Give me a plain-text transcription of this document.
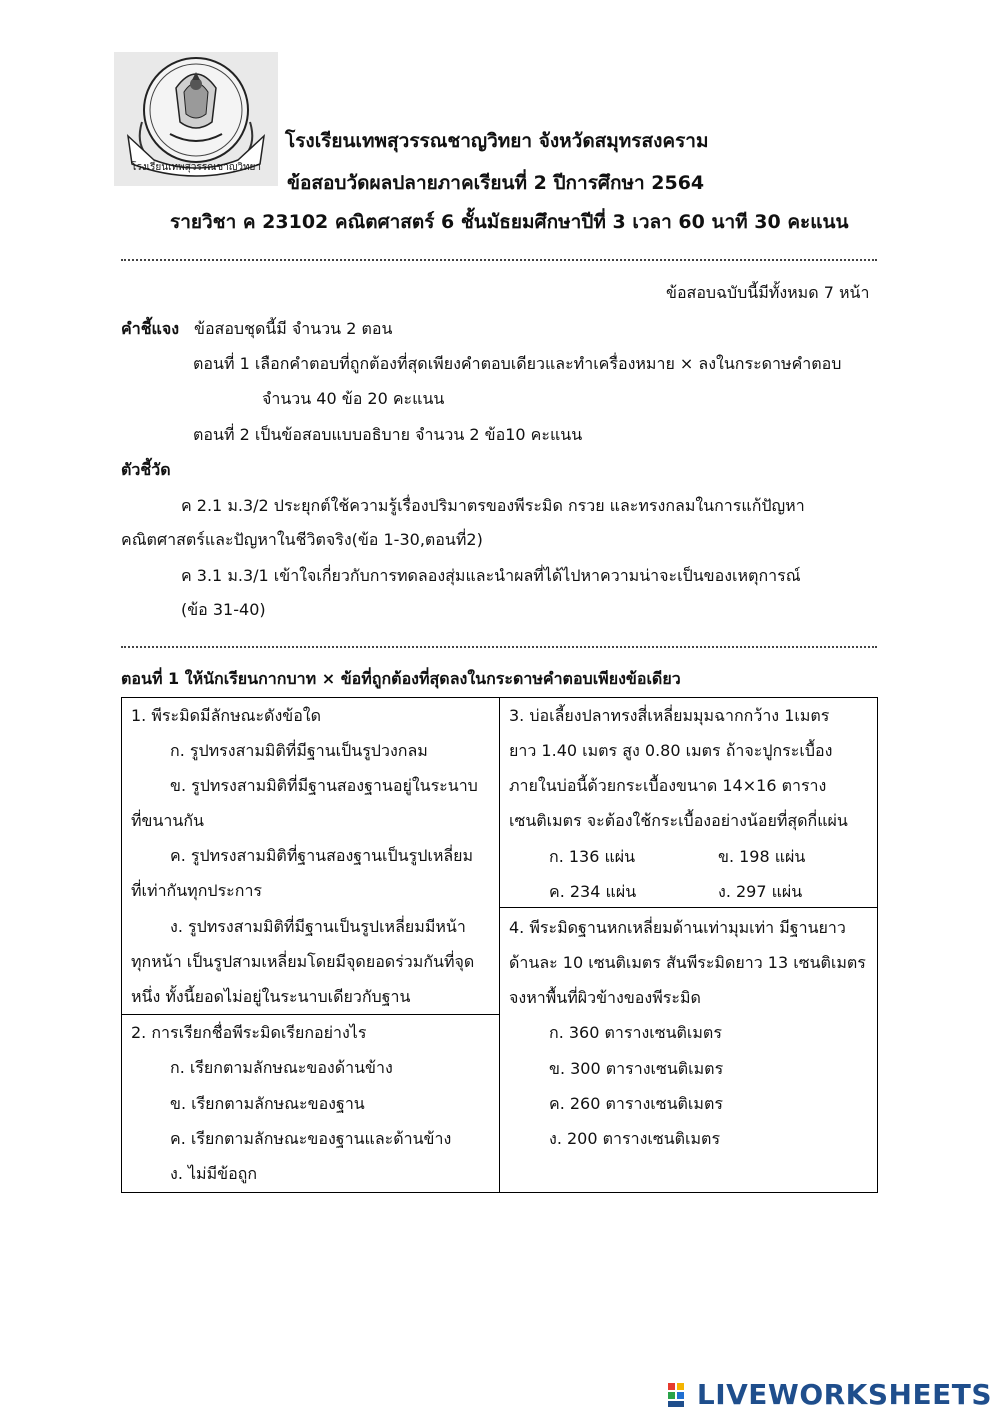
โรงเรียนเทพสุวรรณชาญวิทยา
โรงเรียนเทพสุวรรณชาญวิทยา จังหวัดสมุทรสงคราม
ข้อสอบวัดผลปลายภาคเรียนที่ 2 ปีการศึกษา 2564
รายวิชา ค 23102 คณิตศาสตร์ 6 ชั้นมัธยมศึกษาปีที่ 3 เวลา 60 นาที 30 คะแนน
ข้อสอบฉบับนี้มีทั้งหมด 7 หน้า
คำชี้แจง ข้อสอบชุดนี้มี จำนวน 2 ตอน
ตอนที่ 1 เลือกคำตอบที่ถูกต้องที่สุดเพียงคำตอบเดียวและทำเครื่องหมาย × ลงในกระดาษคำตอบ
จำนวน 40 ข้อ 20 คะแนน
ตอนที่ 2 เป็นข้อสอบแบบอธิบาย จำนวน 2 ข้อ10 คะแนน
ตัวชี้วัด
ค 2.1 ม.3/2 ประยุกต์ใช้ความรู้เรื่องปริมาตรของพีระมิด กรวย และทรงกลมในการแก้ปัญหา
คณิตศาสตร์และปัญหาในชีวิตจริง(ข้อ 1-30,ตอนที่2)
ค 3.1 ม.3/1 เข้าใจเกี่ยวกับการทดลองสุ่มและนำผลที่ได้ไปหาความน่าจะเป็นของเหตุการณ์
(ข้อ 31-40)
ตอนที่ 1 ให้นักเรียนกากบาท × ข้อที่ถูกต้องที่สุดลงในกระดาษคำตอบเพียงข้อเดียว
1. พีระมิดมีลักษณะดังข้อใด
ก. รูปทรงสามมิติที่มีฐานเป็นรูปวงกลม
ข. รูปทรงสามมิติที่มีฐานสองฐานอยู่ในระนาบ
ที่ขนานกัน
ค. รูปทรงสามมิติที่ฐานสองฐานเป็นรูปเหลี่ยม
ที่เท่ากันทุกประการ
ง. รูปทรงสามมิติที่มีฐานเป็นรูปเหลี่ยมมีหน้า
ทุกหน้า เป็นรูปสามเหลี่ยมโดยมีจุดยอดร่วมกันที่จุด
หนึ่ง ทั้งนี้ยอดไม่อยู่ในระนาบเดียวกับฐาน
2. การเรียกชื่อพีระมิดเรียกอย่างไร
ก. เรียกตามลักษณะของด้านข้าง
ข. เรียกตามลักษณะของฐาน
ค. เรียกตามลักษณะของฐานและด้านข้าง
ง. ไม่มีข้อถูก
3. บ่อเลี้ยงปลาทรงสี่เหลี่ยมมุมฉากกว้าง 1เมตร
ยาว 1.40 เมตร สูง 0.80 เมตร ถ้าจะปูกระเบื้อง
ภายในบ่อนี้ด้วยกระเบื้องขนาด 14×16 ตาราง
เซนติเมตร จะต้องใช้กระเบื้องอย่างน้อยที่สุดกี่แผ่น
ก. 136 แผ่น	ข. 198 แผ่น
ค. 234 แผ่น	ง. 297 แผ่น
4. พีระมิดฐานหกเหลี่ยมด้านเท่ามุมเท่า มีฐานยาว
ด้านละ 10 เซนติเมตร สันพีระมิดยาว 13 เซนติเมตร
จงหาพื้นที่ผิวข้างของพีระมิด
ก. 360 ตารางเซนติเมตร
ข. 300 ตารางเซนติเมตร
ค. 260 ตารางเซนติเมตร
ง. 200 ตารางเซนติเมตร
LIVEWORKSHEETS
